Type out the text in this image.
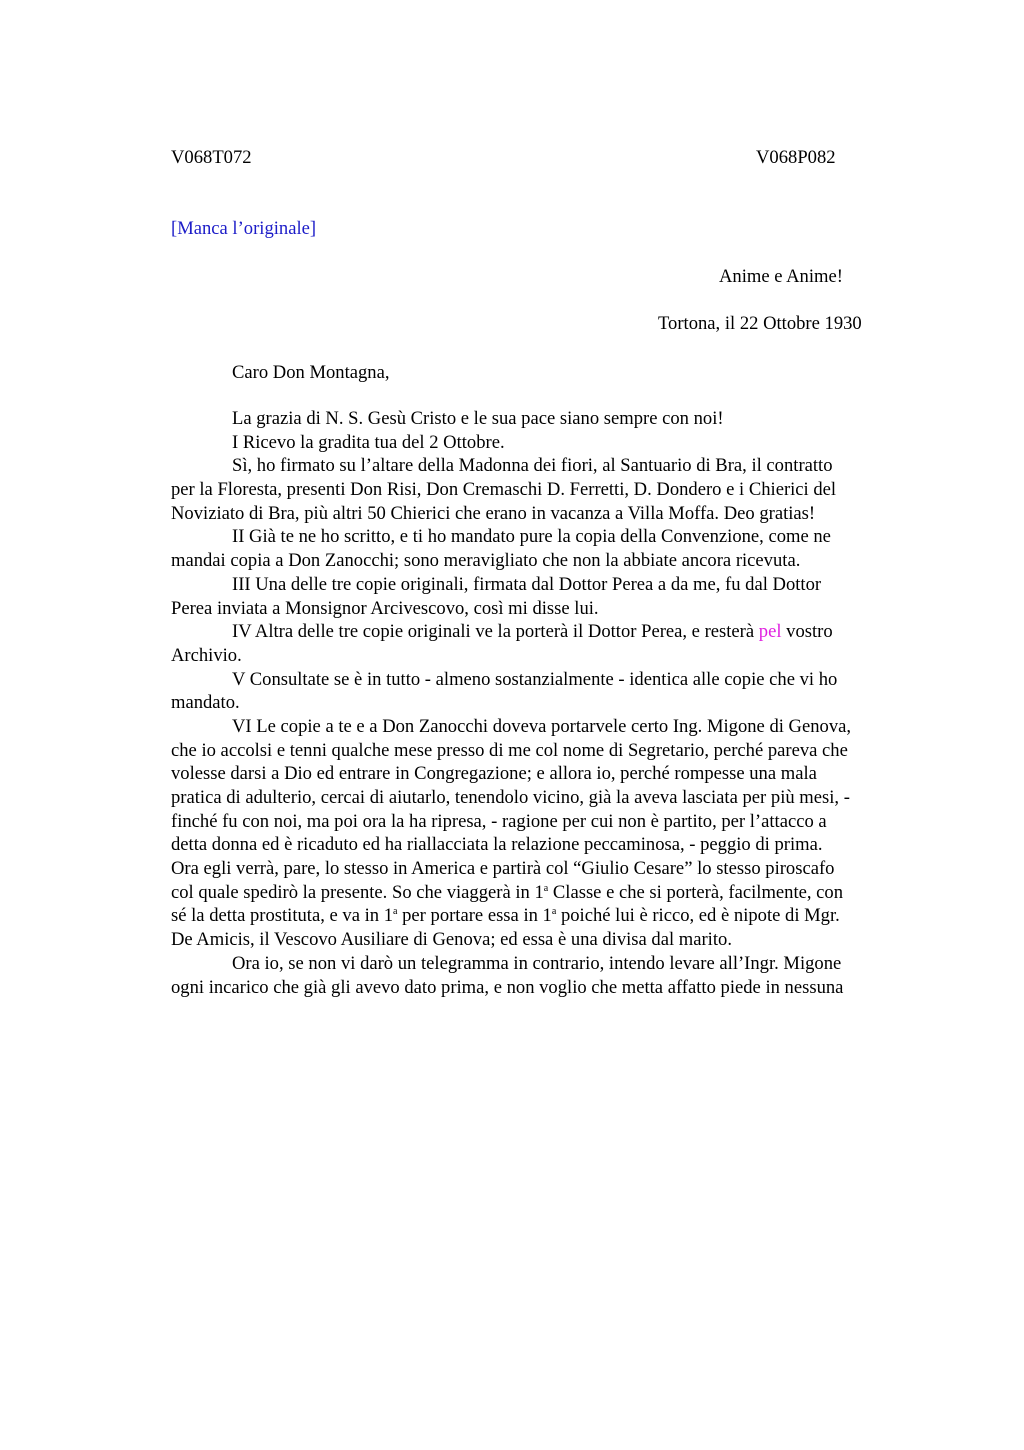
V068T072	V068P082
[Manca l’originale]
Anime e Anime!
Tortona, il 22 Ottobre 1930
Caro Don Montagna,
La grazia di N. S. Gesù Cristo e le sua pace siano sempre con noi!
I Ricevo la gradita tua del 2 Ottobre.
Sì, ho firmato su l’altare della Madonna dei fiori, al Santuario di Bra, il contratto
per la Floresta, presenti Don Risi, Don Cremaschi D. Ferretti, D. Dondero e i Chierici del
Noviziato di Bra, più altri 50 Chierici che erano in vacanza a Villa Moffa. Deo gratias!
II Già te ne ho scritto, e ti ho mandato pure la copia della Convenzione, come ne
mandai copia a Don Zanocchi; sono meravigliato che non la abbiate ancora ricevuta.
III Una delle tre copie originali, firmata dal Dottor Perea a da me, fu dal Dottor
Perea inviata a Monsignor Arcivescovo, così mi disse lui.
IV Altra delle tre copie originali ve la porterà il Dottor Perea, e resterà pel vostro
Archivio.
V Consultate se è in tutto - almeno sostanzialmente - identica alle copie che vi ho
mandato.
VI Le copie a te e a Don Zanocchi doveva portarvele certo Ing. Migone di Genova,
che io accolsi e tenni qualche mese presso di me col nome di Segretario, perché pareva che
volesse darsi a Dio ed entrare in Congregazione; e allora io, perché rompesse una mala
pratica di adulterio, cercai di aiutarlo, tenendolo vicino, già la aveva lasciata per più mesi, -
finché fu con noi, ma poi ora la ha ripresa, - ragione per cui non è partito, per l’attacco a
detta donna ed è ricaduto ed ha riallacciata la relazione peccaminosa, - peggio di prima.
Ora egli verrà, pare, lo stesso in America e partirà col “Giulio Cesare” lo stesso piroscafo
col quale spedirò la presente. So che viaggerà in 1$^a$ Classe e che si porterà, facilmente, con
sé la detta prostituta, e va in 1$^a$ per portare essa in 1$^a$ poiché lui è ricco, ed è nipote di Mgr.
De Amicis, il Vescovo Ausiliare di Genova; ed essa è una divisa dal marito.
Ora io, se non vi darò un telegramma in contrario, intendo levare all’Ingr. Migone
ogni incarico che già gli avevo dato prima, e non voglio che metta affatto piede in nessuna
